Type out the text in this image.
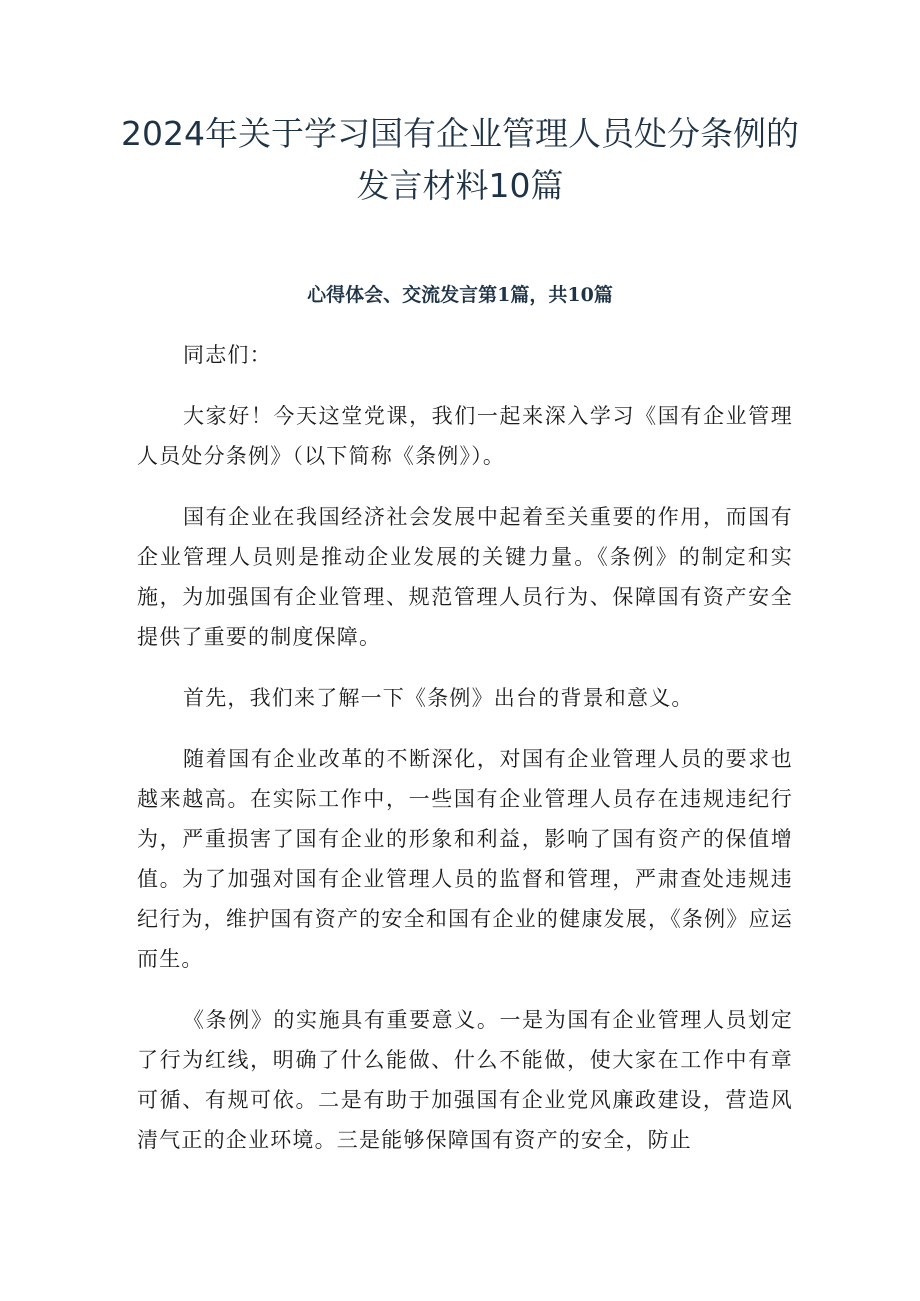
2024年关于学习国有企业管理人员处分条例的发言材料10篇
心得体会、交流发言第1篇，共10篇

同志们：

大家好！今天这堂党课，我们一起来深入学习《国有企业管理人员处分条例》（以下简称《条例》）。

国有企业在我国经济社会发展中起着至关重要的作用，而国有企业管理人员则是推动企业发展的关键力量。《条例》的制定和实施，为加强国有企业管理、规范管理人员行为、保障国有资产安全提供了重要的制度保障。

首先，我们来了解一下《条例》出台的背景和意义。

随着国有企业改革的不断深化，对国有企业管理人员的要求也越来越高。在实际工作中，一些国有企业管理人员存在违规违纪行为，严重损害了国有企业的形象和利益，影响了国有资产的保值增值。为了加强对国有企业管理人员的监督和管理，严肃查处违规违纪行为，维护国有资产的安全和国有企业的健康发展，《条例》应运而生。

《条例》的实施具有重要意义。一是为国有企业管理人员划定了行为红线，明确了什么能做、什么不能做，使大家在工作中有章可循、有规可依。二是有助于加强国有企业党风廉政建设，营造风清气正的企业环境。三是能够保障国有资产的安全，防止
